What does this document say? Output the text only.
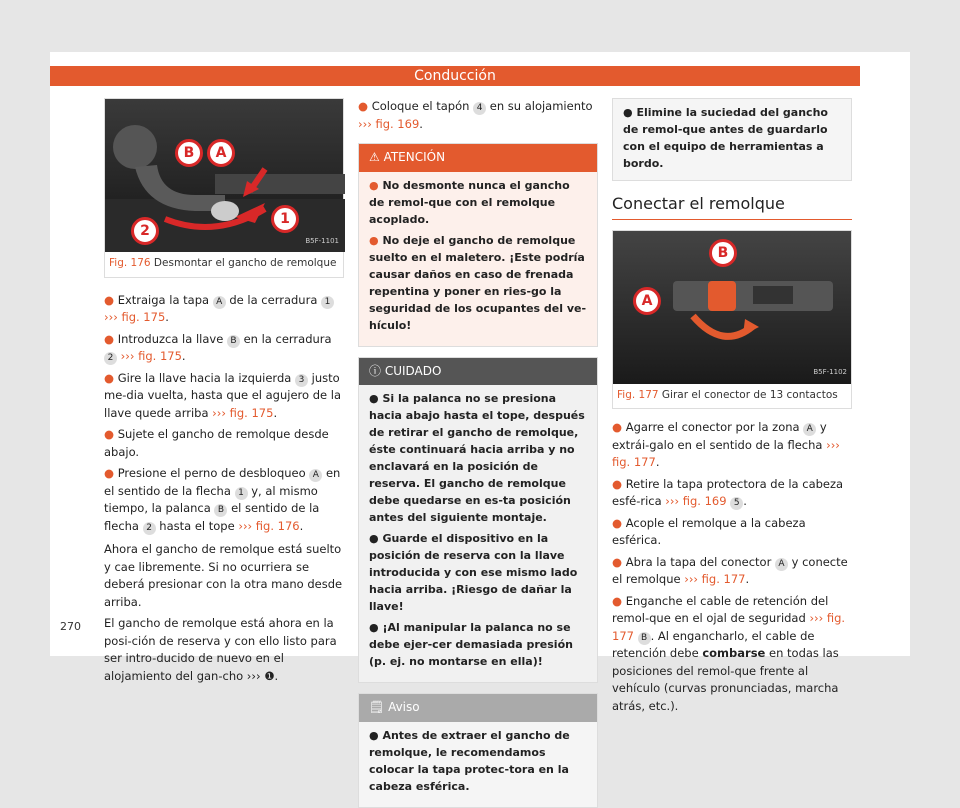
Conducción
B	A
1
2
B5F-1101
Fig. 176 Desmontar el gancho de remolque

● Extraiga la tapa A de la cerradura 1 ››› fig. 175.

● Introduzca la llave B en la cerradura 2 ››› fig. 175.

● Gire la llave hacia la izquierda 3 justo me-dia vuelta, hasta que el agujero de la llave quede arriba ››› fig. 175.

● Sujete el gancho de remolque desde abajo.

● Presione el perno de desbloqueo A en el sentido de la flecha 1 y, al mismo tiempo, la palanca B el sentido de la flecha 2 hasta el tope ››› fig. 176.

Ahora el gancho de remolque está suelto y cae libremente. Si no ocurriera se deberá presionar con la otra mano desde arriba.

El gancho de remolque está ahora en la posi-ción de reserva y con ello listo para ser intro-ducido de nuevo en el alojamiento del gan-cho ››› ❶.

● Coloque el tapón 4 en su alojamiento ››› fig. 169.

⚠ ATENCIÓN

● No desmonte nunca el gancho de remol-que con el remolque acoplado.

● No deje el gancho de remolque suelto en el maletero. ¡Este podría causar daños en caso de frenada repentina y poner en ries-go la seguridad de los ocupantes del ve-hículo!

ⓘ CUIDADO

● Si la palanca no se presiona hacia abajo hasta el tope, después de retirar el gancho de remolque, éste continuará hacia arriba y no enclavará en la posición de reserva. El gancho de remolque debe quedarse en es-ta posición antes del siguiente montaje.

● Guarde el dispositivo en la posición de reserva con la llave introducida y con ese mismo lado hacia arriba. ¡Riesgo de dañar la llave!

● ¡Al manipular la palanca no se debe ejer-cer demasiada presión (p. ej. no montarse en ella)!

🗒 Aviso

● Antes de extraer el gancho de remolque, le recomendamos colocar la tapa protec-tora en la cabeza esférica.

● Elimine la suciedad del gancho de remol-que antes de guardarlo con el equipo de herramientas a bordo.
Conectar el remolque
B
A
B5F-1102
Fig. 177 Girar el conector de 13 contactos

● Agarre el conector por la zona A y extrái-galo en el sentido de la flecha ››› fig. 177.

● Retire la tapa protectora de la cabeza esfé-rica ››› fig. 169 5 .

● Acople el remolque a la cabeza esférica.

● Abra la tapa del conector A y conecte el remolque ››› fig. 177.

● Enganche el cable de retención del remol-que en el ojal de seguridad ››› fig. 177 B . Al engancharlo, el cable de retención debe combarse en todas las posiciones del remol-que frente al vehículo (curvas pronunciadas, marcha atrás, etc.).

270
